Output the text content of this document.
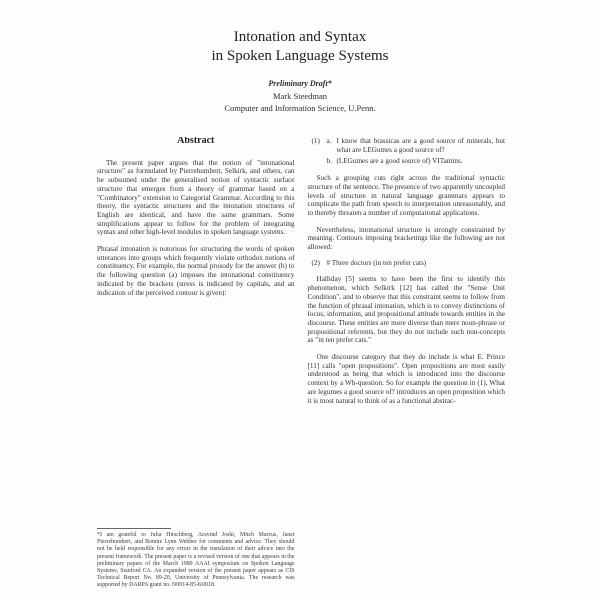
Intonation and Syntax
in Spoken Language Systems
Preliminary Draft*
Mark Steedman
Computer and Information Science, U.Penn.
Abstract

The present paper argues that the notion of "intonational structure" as formulated by Pierrehumbert, Selkirk, and others, can be subsumed under the generalised notion of syntactic surface structure that emerges from a theory of grammar based on a "Combinatory" extension to Categorial Grammar. According to this theory, the syntactic structures and the intonation structures of English are identical, and have the same grammars. Some simplifications appear to follow for the problem of integrating syntax and other high-level modules in spoken language systems.

Phrasal intonation is notorious for structuring the words of spoken utterances into groups which frequently violate orthodox notions of constituency. For example, the normal prosody for the answer (b) to the following question (a) imposes the intonational constituency indicated by the brackets (stress is indicated by capitals, and an indication of the perceived contour is given):

*I am grateful to Julia Hirschberg, Aravind Joshi, Mitch Marcus, Janet Pierrehumbert, and Bonnie Lynn Webber for comments and advice. They should not be held responsible for any errors in the translation of their advice into the present framework. The present paper is a revised version of one that appears in the preliminary papers of the March 1989 AAAI symposium on Spoken Language Systems, Stanford CA. An expanded version of the present paper appears as CIS Technical Report No. 89-20, University of Pennsylvania. The research was supported by DARPA grant no. N0014-85-K0018.

(1) a. I know that brassicas are a good source of minerals, but what are LEGumes a good source of?
b. (LEGumes are a good source of) VITamins.

Such a grouping cuts right across the traditional syntactic structure of the sentence. The presence of two apparently uncoupled levels of structure in natural language grammars appears to complicate the path from speech to interpretation unreasonably, and to thereby threaten a number of computational applications.

Nevertheless, intonational structure is strongly constrained by meaning. Contours imposing bracketings like the following are not allowed:

(2) # Three doctors (in ten prefer cats)

Halliday [5] seems to have been the first to identify this phenomenon, which Selkirk [12] has called the "Sense Unit Condition", and to observe that this constraint seems to follow from the function of phrasal intonation, which is to convey distinctions of focus, information, and propositional attitude towards entities in the discourse. These entities are more diverse than mere noun-phrase or propositional referents, but they do not include such non-concepts as "in ten prefer cats."

One discourse category that they do include is what E. Prince [11] calls "open propositions". Open propositions are most easily understood as being that which is introduced into the discourse context by a Wh-question. So for example the question in (1), What are legumes a good source of? introduces an open proposition which it is most natural to think of as a functional abstrac-
